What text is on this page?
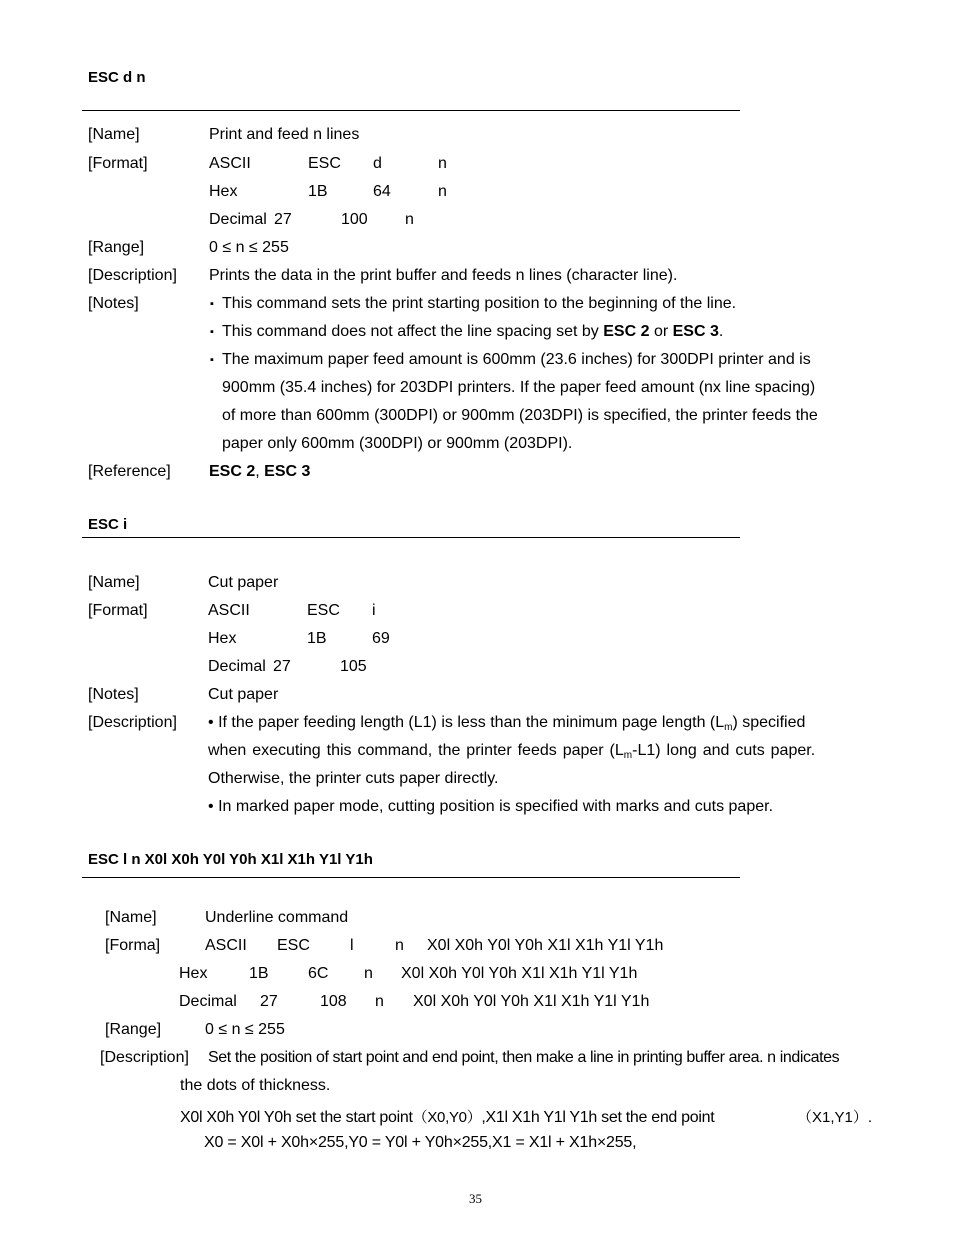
ESC d n
[Name]	Print and feed n lines
[Format]	ASCII	ESC d	n
Hex	1B	64	n
Decimal 27	100 n
[Range]	0 ≤ n ≤ 255
[Description] Prints the data in the print buffer and feeds n lines (character line).
[Notes]	▪ This command sets the print starting position to the beginning of the line.
▪ This command does not affect the line spacing set by ESC 2 or ESC 3.
▪ The maximum paper feed amount is 600mm (23.6 inches) for 300DPI printer and is
900mm (35.4 inches) for 203DPI printers. If the paper feed amount (nx line spacing)
of more than 600mm (300DPI) or 900mm (203DPI) is specified, the printer feeds the
paper only 600mm (300DPI) or 900mm (203DPI).
[Reference] ESC 2, ESC 3
ESC i
[Name]	Cut paper
[Format]	ASCII	ESC i
Hex	1B	69
Decimal 27	105
[Notes]	Cut paper
[Description] • If the paper feeding length (L1) is less than the minimum page length $(L_m)$ specified
when executing this command, the printer feeds paper $(L_m-L1)$ long and cuts paper.
Otherwise, the printer cuts paper directly.
• In marked paper mode, cutting position is specified with marks and cuts paper.
ESC l n X0l X0h Y0l Y0h X1l X1h Y1l Y1h
[Name]	Underline command
[Forma]	ASCII ESC	l	n X0l X0h Y0l Y0h X1l X1h Y1l Y1h
Hex	1B 6C n X0l X0h Y0l Y0h X1l X1h Y1l Y1h
Decimal 27	108 n X0l X0h Y0l Y0h X1l X1h Y1l Y1h
[Range]	0 ≤ n ≤ 255
[Description] Set the position of start point and end point, then make a line in printing buffer area. n indicates
the dots of thickness.
X0l X0h Y0l Y0h set the start point（X0,Y0）,X1l X1h Y1l Y1h set the end point	（X1,Y1）.
X0 = X0l + X0h×255,Y0 = Y0l + Y0h×255,X1 = X1l + X1h×255,
35
